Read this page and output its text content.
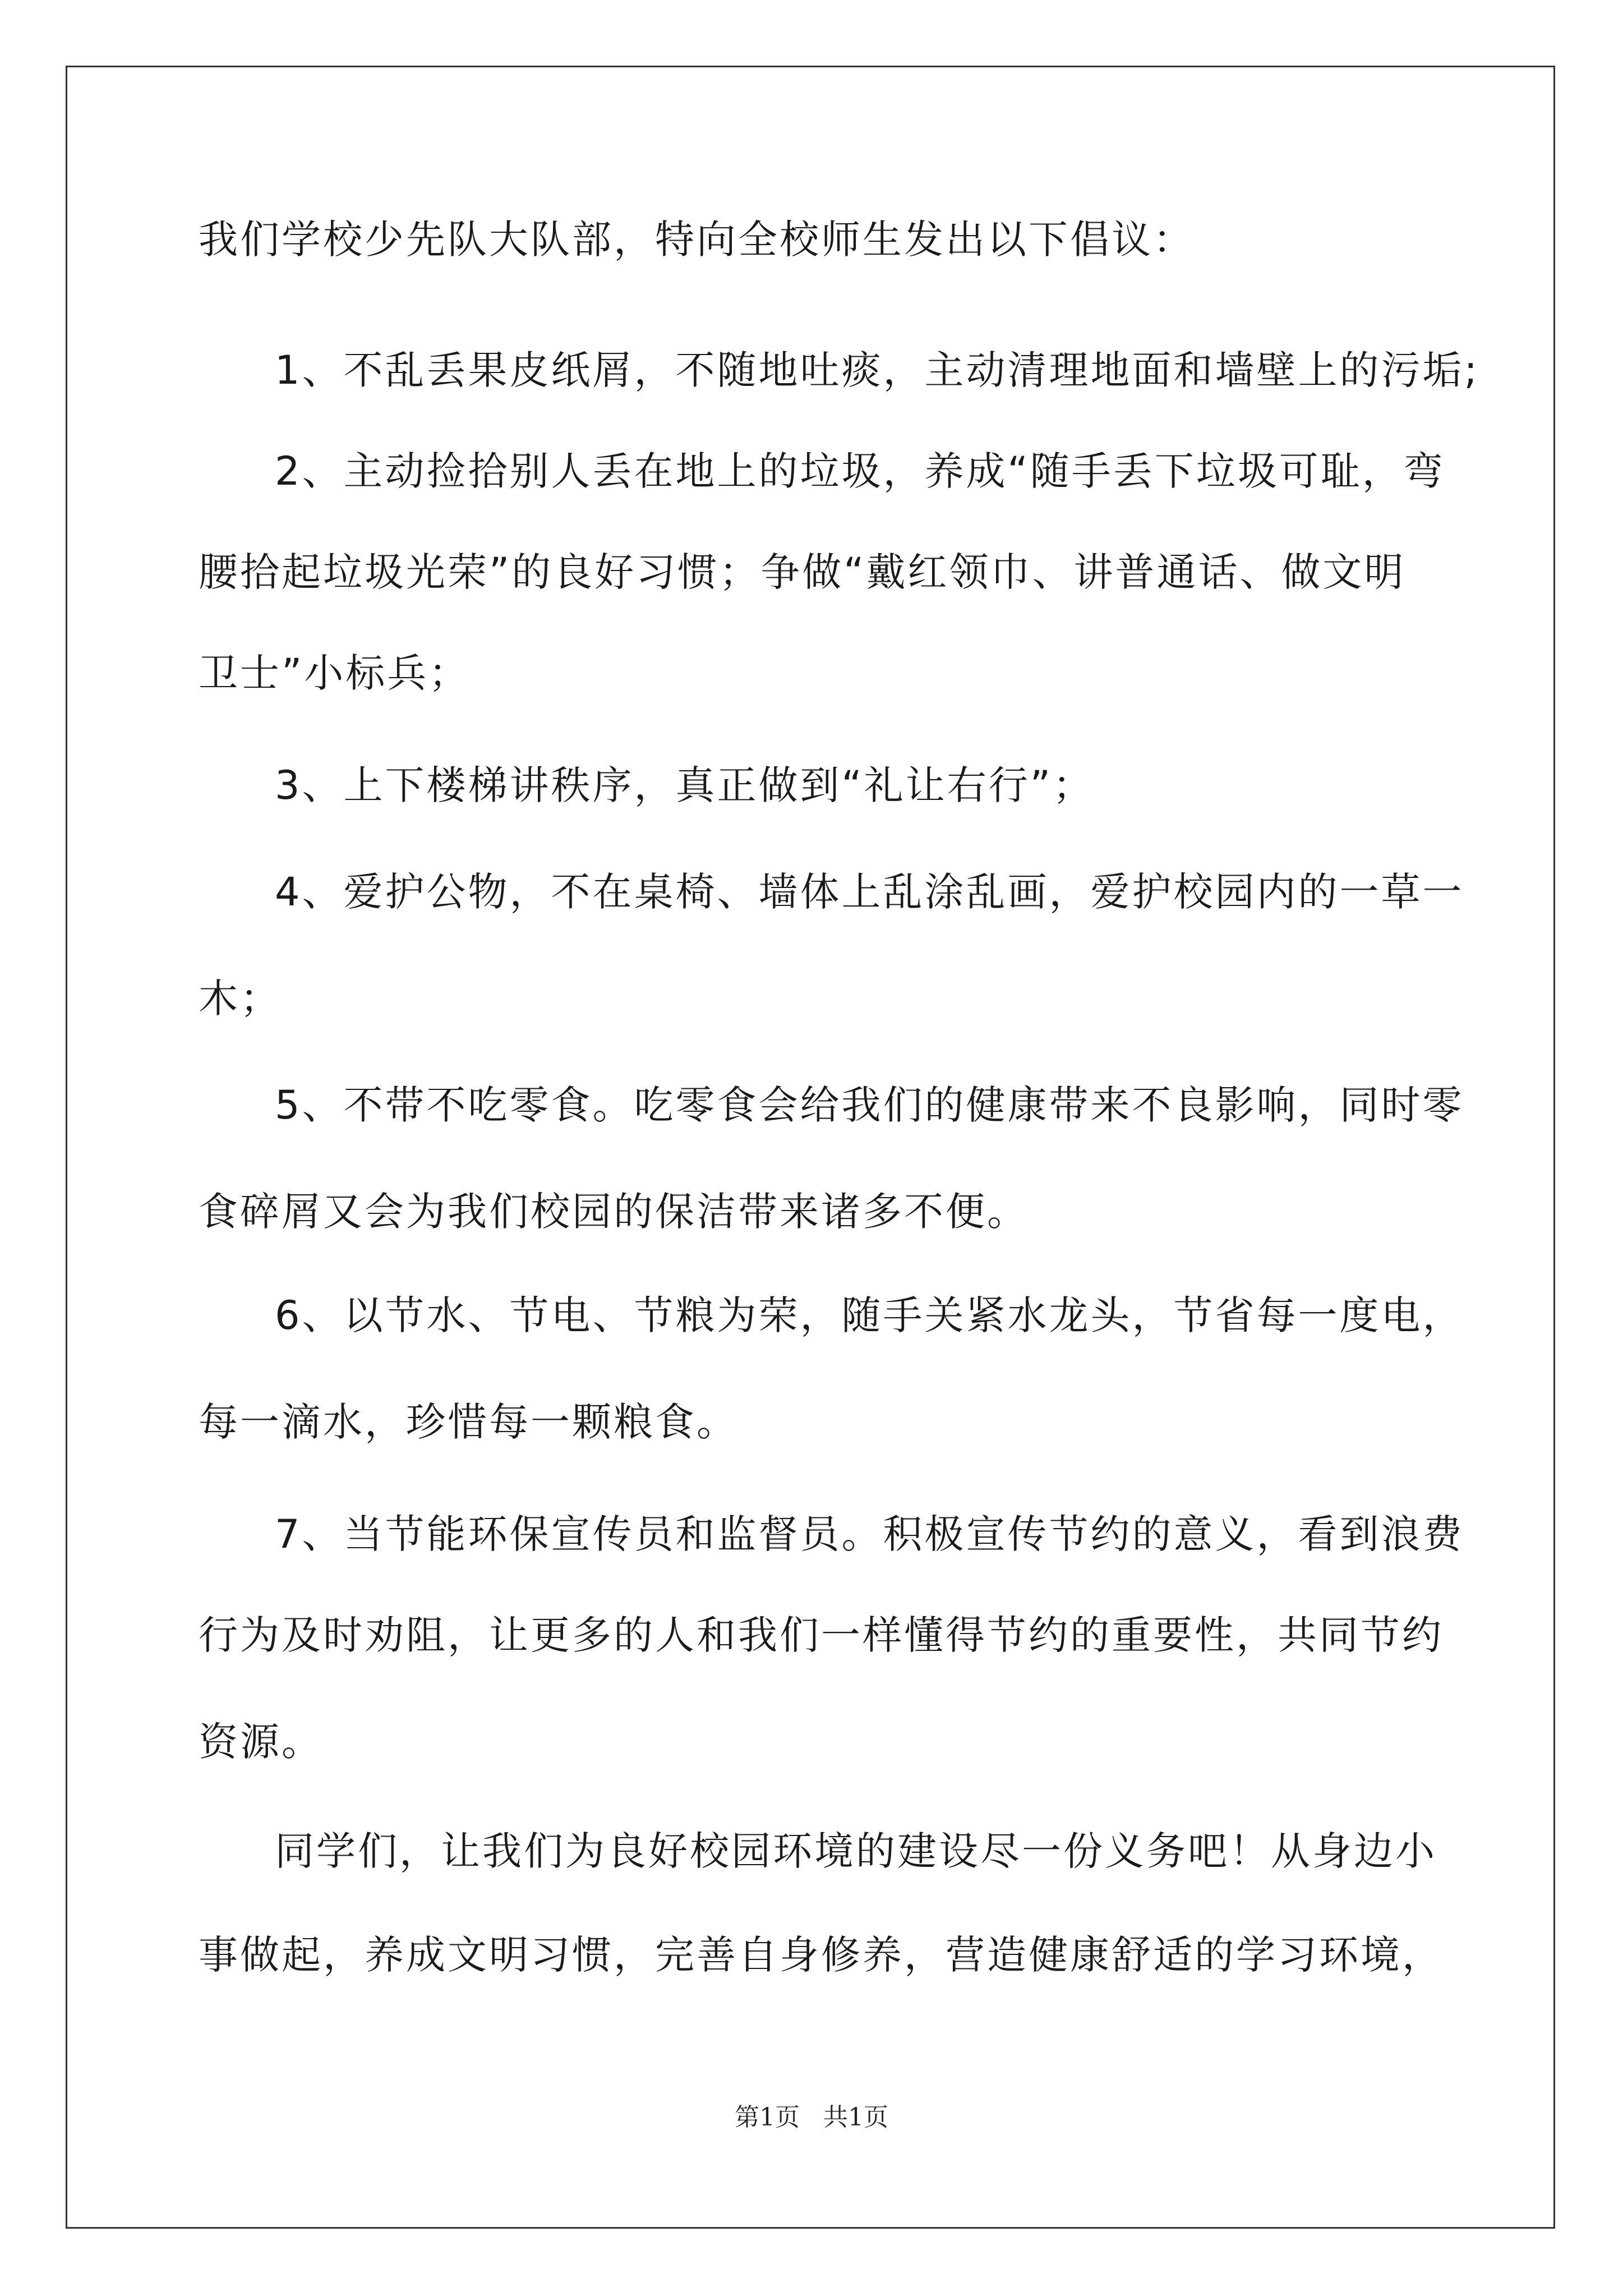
我们学校少先队大队部，特向全校师生发出以下倡议：
1、不乱丢果皮纸屑，不随地吐痰，主动清理地面和墙壁上的污垢;
2、主动捡拾别人丢在地上的垃圾，养成“随手丢下垃圾可耻，弯
腰拾起垃圾光荣”的良好习惯；争做“戴红领巾、讲普通话、做文明
卫士”小标兵；
3、上下楼梯讲秩序，真正做到“礼让右行”；
4、爱护公物，不在桌椅、墙体上乱涂乱画，爱护校园内的一草一
木；
5、不带不吃零食。吃零食会给我们的健康带来不良影响，同时零
食碎屑又会为我们校园的保洁带来诸多不便。
6、以节水、节电、节粮为荣，随手关紧水龙头，节省每一度电，
每一滴水，珍惜每一颗粮食。
7、当节能环保宣传员和监督员。积极宣传节约的意义，看到浪费
行为及时劝阻，让更多的人和我们一样懂得节约的重要性，共同节约
资源。
同学们，让我们为良好校园环境的建设尽一份义务吧！从身边小
事做起，养成文明习惯，完善自身修养，营造健康舒适的学习环境，
第1页 共1页
